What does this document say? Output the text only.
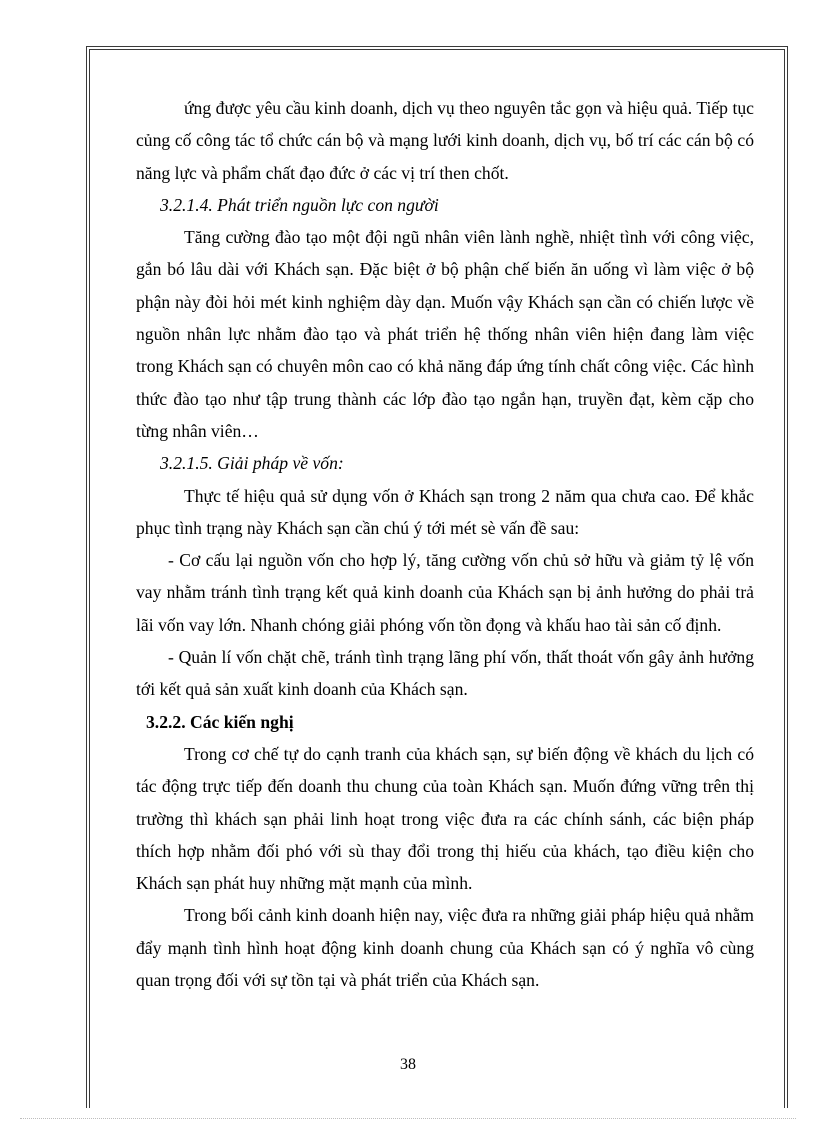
ứng được yêu cầu kinh doanh, dịch vụ theo nguyên tắc gọn và hiệu quả. Tiếp tục củng cố công tác tổ chức cán bộ và mạng lưới kinh doanh, dịch vụ, bố trí các cán bộ có năng lực và phẩm chất đạo đức ở các vị trí then chốt.

3.2.1.4. Phát triển nguồn lực con người

Tăng cường đào tạo một đội ngũ nhân viên lành nghề, nhiệt tình với công việc, gắn bó lâu dài với Khách sạn. Đặc biệt ở bộ phận chế biến ăn uống vì làm việc ở bộ phận này đòi hỏi mét kinh nghiệm dày dạn. Muốn vậy Khách sạn cần có chiến lược về nguồn nhân lực nhằm đào tạo và phát triển hệ thống nhân viên hiện đang làm việc trong Khách sạn có chuyên môn cao có khả năng đáp ứng tính chất công việc. Các hình thức đào tạo như tập trung thành các lớp đào tạo ngắn hạn, truyền đạt, kèm cặp cho từng nhân viên…

3.2.1.5. Giải pháp về vốn:

Thực tế hiệu quả sử dụng vốn ở Khách sạn trong 2 năm qua chưa cao. Để khắc phục tình trạng này Khách sạn cần chú ý tới mét sè vấn đề sau:

- Cơ cấu lại nguồn vốn cho hợp lý, tăng cường vốn chủ sở hữu và giảm tỷ lệ vốn vay nhằm tránh tình trạng kết quả kinh doanh của Khách sạn bị ảnh hưởng do phải trả lãi vốn vay lớn. Nhanh chóng giải phóng vốn tồn đọng và khấu hao tài sản cố định.

- Quản lí vốn chặt chẽ, tránh tình trạng lãng phí vốn, thất thoát vốn gây ảnh hưởng tới kết quả sản xuất kinh doanh của Khách sạn.

3.2.2. Các kiến nghị

Trong cơ chế tự do cạnh tranh của khách sạn, sự biến động về khách du lịch có tác động trực tiếp đến doanh thu chung của toàn Khách sạn. Muốn đứng vững trên thị trường thì khách sạn phải linh hoạt trong việc đưa ra các chính sánh, các biện pháp thích hợp nhằm đối phó với sù thay đổi trong thị hiếu của khách, tạo điều kiện cho Khách sạn phát huy những mặt mạnh của mình.

Trong bối cảnh kinh doanh hiện nay, việc đưa ra những giải pháp hiệu quả nhằm đẩy mạnh tình hình hoạt động kinh doanh chung của Khách sạn có ý nghĩa vô cùng quan trọng đối với sự tồn tại và phát triển của Khách sạn.

38
